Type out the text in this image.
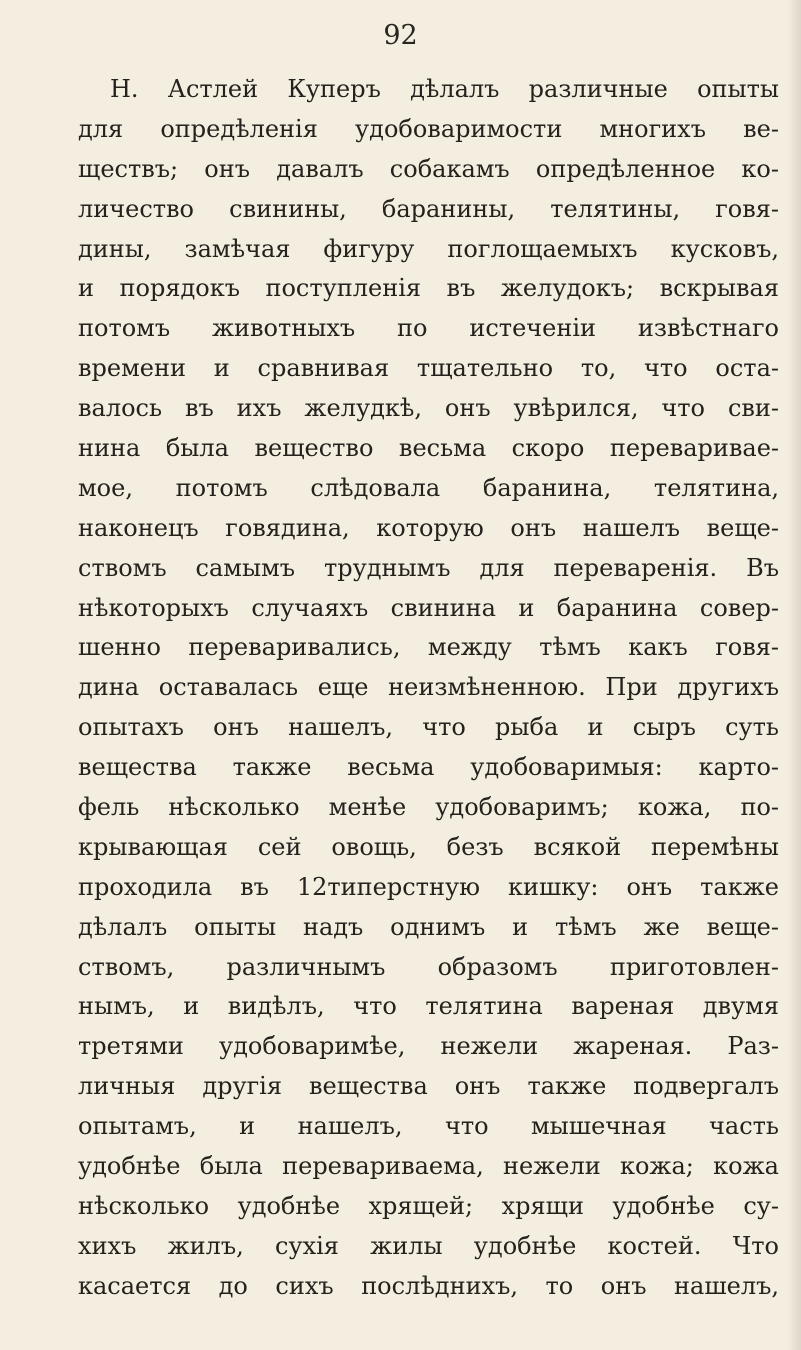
92
Н. Астлей Куперъ дѣлалъ различные опыты
для опредѣленія удобоваримости многихъ ве-
ществъ; онъ давалъ собакамъ опредѣленное ко-
личество свинины, баранины, телятины, говя-
дины, замѣчая фигуру поглощаемыхъ кусковъ,
и порядокъ поступленія въ желудокъ; вскрывая
потомъ животныхъ по истеченіи извѣстнаго
времени и сравнивая тщательно то, что оста-
валось въ ихъ желудкѣ, онъ увѣрился, что сви-
нина была вещество весьма скоро перевариваe-
мое, потомъ слѣдовала баранина, телятина,
наконецъ говядина, которую онъ нашелъ веще-
ствомъ самымъ труднымъ для переваренія. Въ
нѣкоторыхъ случаяхъ свинина и баранина совер-
шенно переваривались, между тѣмъ какъ говя-
дина оставалась еще неизмѣненною. При другихъ
опытахъ онъ нашелъ, что рыба и сыръ суть
вещества также весьма удобоваримыя: карто-
фель нѣсколько менѣе удобоваримъ; кожа, по-
крывающая сей овощь, безъ всякой перемѣны
проходила въ 12типерстную кишку: онъ также
дѣлалъ опыты надъ однимъ и тѣмъ же веще-
ствомъ, различнымъ образомъ приготовлен-
нымъ, и видѣлъ, что телятина вареная двумя
третями удобоваримѣе, нежели жареная. Раз-
личныя другія вещества онъ также подвергалъ
опытамъ, и нашелъ, что мышечная часть
удобнѣе была перевариваема, нежели кожа; кожа
нѣсколько удобнѣе хрящей; хрящи удобнѣе су-
хихъ жилъ, сухія жилы удобнѣе костей. Что
касается до сихъ послѣднихъ, то онъ нашелъ,
